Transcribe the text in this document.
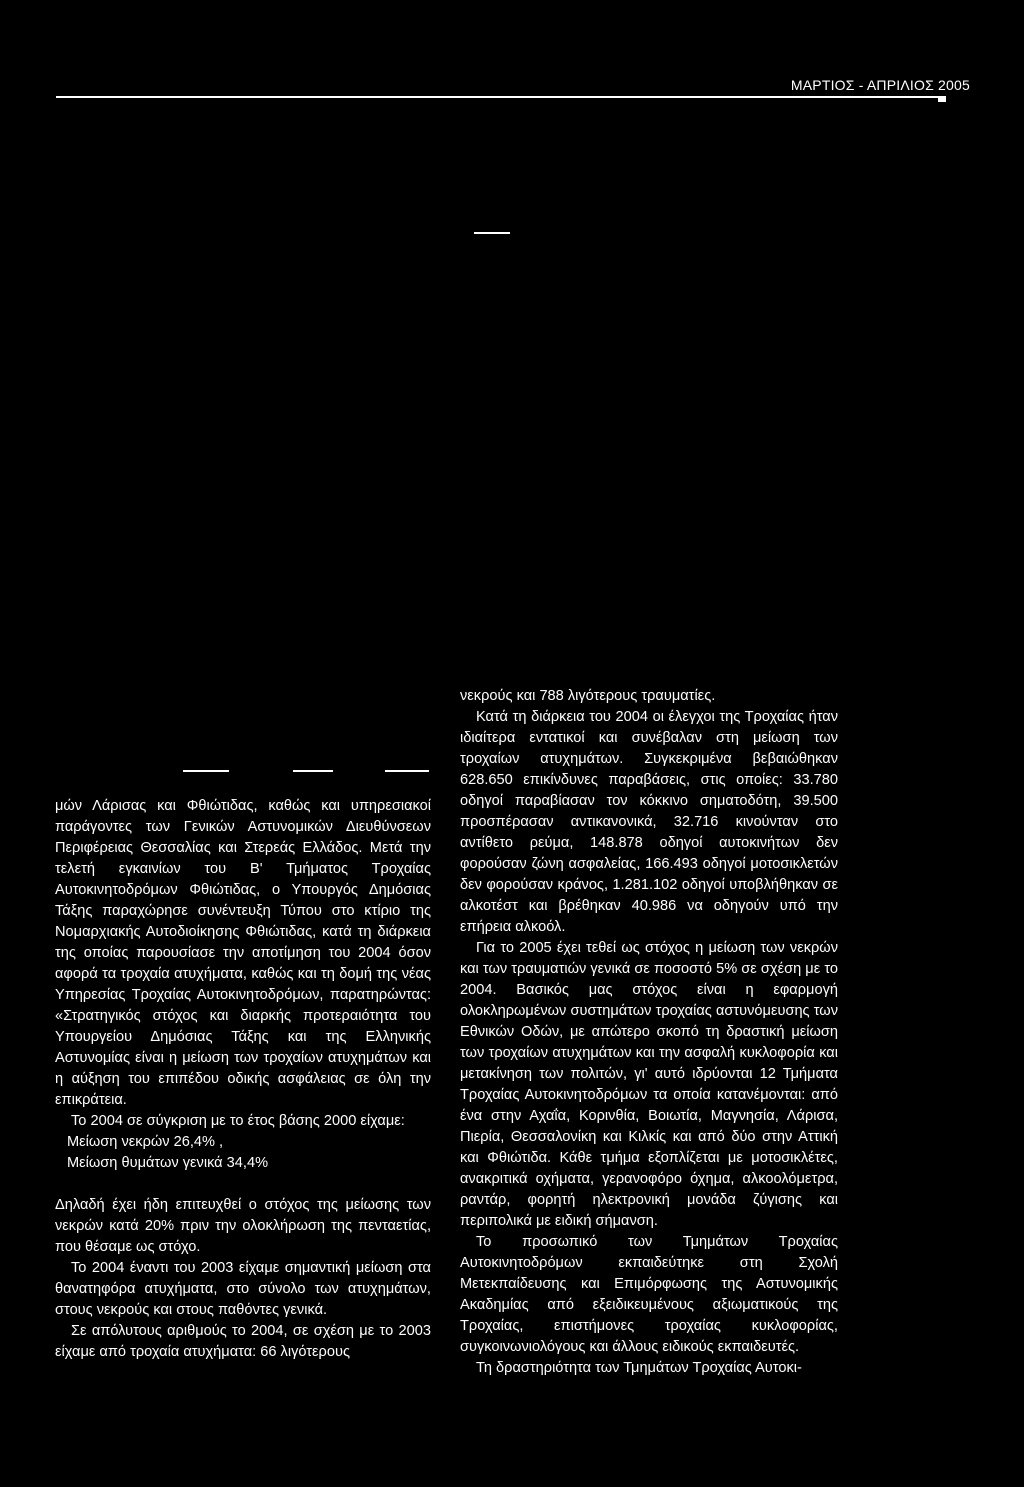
ΜΑΡΤΙΟΣ - ΑΠΡΙΛΙΟΣ 2005

μών Λάρισας και Φθιώτιδας, καθώς και υπηρεσιακοί παράγοντες των Γενικών Αστυνομικών Διευθύνσεων Περιφέρειας Θεσσαλίας και Στερεάς Ελλάδος. Μετά την τελετή εγκαινίων του Β' Τμήματος Τροχαίας Αυτοκινητοδρόμων Φθιώτιδας, ο Υπουργός Δημόσιας Τάξης παραχώρησε συνέντευξη Τύπου στο κτίριο της Νομαρχιακής Αυτοδιοίκησης Φθιώτιδας, κατά τη διάρκεια της οποίας παρουσίασε την αποτίμηση του 2004 όσον αφορά τα τροχαία ατυχήματα, καθώς και τη δομή της νέας Υπηρεσίας Τροχαίας Αυτοκινητοδρόμων, παρατηρώντας: «Στρατηγικός στόχος και διαρκής προτεραιότητα του Υπουργείου Δημόσιας Τάξης και της Ελληνικής Αστυνομίας είναι η μείωση των τροχαίων ατυχημάτων και η αύξηση του επιπέδου οδικής ασφάλειας σε όλη την επικράτεια.

Το 2004 σε σύγκριση με το έτος βάσης 2000 είχαμε:

Μείωση νεκρών 26,4% ,

Μείωση θυμάτων γενικά 34,4%

Δηλαδή έχει ήδη επιτευχθεί ο στόχος της μείωσης των νεκρών κατά 20% πριν την ολοκλήρωση της πενταετίας, που θέσαμε ως στόχο.

Το 2004 έναντι του 2003 είχαμε σημαντική μείωση στα θανατηφόρα ατυχήματα, στο σύνολο των ατυχημάτων, στους νεκρούς και στους παθόντες γενικά.

Σε απόλυτους αριθμούς το 2004, σε σχέση με το 2003 είχαμε από τροχαία ατυχήματα: 66 λιγότερους

νεκρούς και 788 λιγότερους τραυματίες.

Κατά τη διάρκεια του 2004 οι έλεγχοι της Τροχαίας ήταν ιδιαίτερα εντατικοί και συνέβαλαν στη μείωση των τροχαίων ατυχημάτων. Συγκεκριμένα βεβαιώθηκαν 628.650 επικίνδυνες παραβάσεις, στις οποίες: 33.780 οδηγοί παραβίασαν τον κόκκινο σηματοδότη, 39.500 προσπέρασαν αντικανονικά, 32.716 κινούνταν στο αντίθετο ρεύμα, 148.878 οδηγοί αυτοκινήτων δεν φορούσαν ζώνη ασφαλείας, 166.493 οδηγοί μοτοσικλετών δεν φορούσαν κράνος, 1.281.102 οδηγοί υποβλήθηκαν σε αλκοτέστ και βρέθηκαν 40.986 να οδηγούν υπό την επήρεια αλκοόλ.

Για το 2005 έχει τεθεί ως στόχος η μείωση των νεκρών και των τραυματιών γενικά σε ποσοστό 5% σε σχέση με το 2004. Βασικός μας στόχος είναι η εφαρμογή ολοκληρωμένων συστημάτων τροχαίας αστυνόμευσης των Εθνικών Οδών, με απώτερο σκοπό τη δραστική μείωση των τροχαίων ατυχημάτων και την ασφαλή κυκλοφορία και μετακίνηση των πολιτών, γι' αυτό ιδρύονται 12 Τμήματα Τροχαίας Αυτοκινητοδρόμων τα οποία κατανέμονται: από ένα στην Αχαΐα, Κορινθία, Βοιωτία, Μαγνησία, Λάρισα, Πιερία, Θεσσαλονίκη και Κιλκίς και από δύο στην Αττική και Φθιώτιδα. Κάθε τμήμα εξοπλίζεται με μοτοσικλέτες, ανακριτικά οχήματα, γερανοφόρο όχημα, αλκοολόμετρα, ραντάρ, φορητή ηλεκτρονική μονάδα ζύγισης και περιπολικά με ειδική σήμανση.

Το προσωπικό των Τμημάτων Τροχαίας Αυτοκινητοδρόμων εκπαιδεύτηκε στη Σχολή Μετεκπαίδευσης και Επιμόρφωσης της Αστυνομικής Ακαδημίας από εξειδικευμένους αξιωματικούς της Τροχαίας, επιστήμονες τροχαίας κυκλοφορίας, συγκοινωνιολόγους και άλλους ειδικούς εκπαιδευτές.

Τη δραστηριότητα των Τμημάτων Τροχαίας Αυτοκι-
